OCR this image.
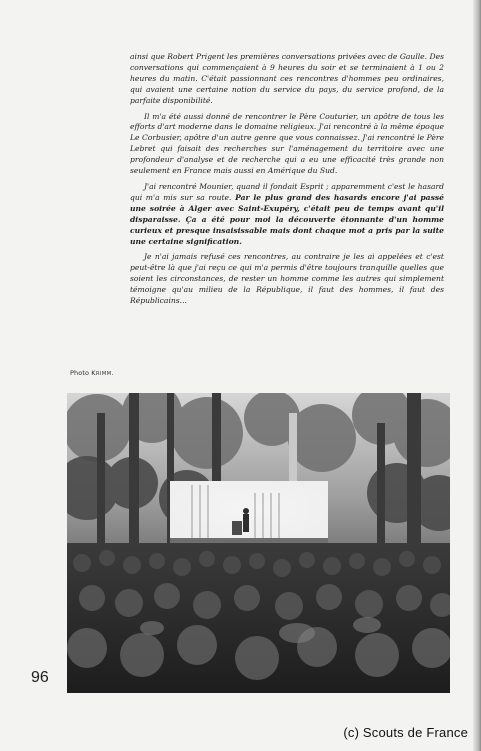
ainsi que Robert Prigent les premières conversations privées avec de Gaulle. Des conversations qui commençaient à 9 heures du soir et se terminaient à 1 ou 2 heures du matin. C'était passionnant ces rencontres d'hommes peu ordinaires, qui avaient une certaine notion du service du pays, du service profond, de la parfaite disponibilité.

Il m'a été aussi donné de rencontrer le Père Couturier, un apôtre de tous les efforts d'art moderne dans le domaine religieux. J'ai rencontré à la même époque Le Corbusier, apôtre d'un autre genre que vous connaissez. J'ai rencontré le Père Lebret qui faisait des recherches sur l'aménagement du territoire avec une profondeur d'analyse et de recherche qui a eu une efficacité très grande non seulement en France mais aussi en Amérique du Sud.

J'ai rencontré Mounier, quand il fondait Esprit ; apparemment c'est le hasard qui m'a mis sur sa route. Par le plus grand des hasards encore j'ai passé une soirée à Alger avec Saint-Exupéry, c'était peu de temps avant qu'il disparaisse. Ça a été pour moi la découverte étonnante d'un homme curieux et presque insaisissable mais dont chaque mot a pris par la suite une certaine signification.

Je n'ai jamais refusé ces rencontres, au contraire je les ai appelées et c'est peut-être là que j'ai reçu ce qui m'a permis d'être toujours tranquille quelles que soient les circonstances, de rester un homme comme les autres qui simplement témoigne qu'au milieu de la République, il faut des hommes, il faut des Républicains...

Photo Krimm.
96
(c) Scouts de France
